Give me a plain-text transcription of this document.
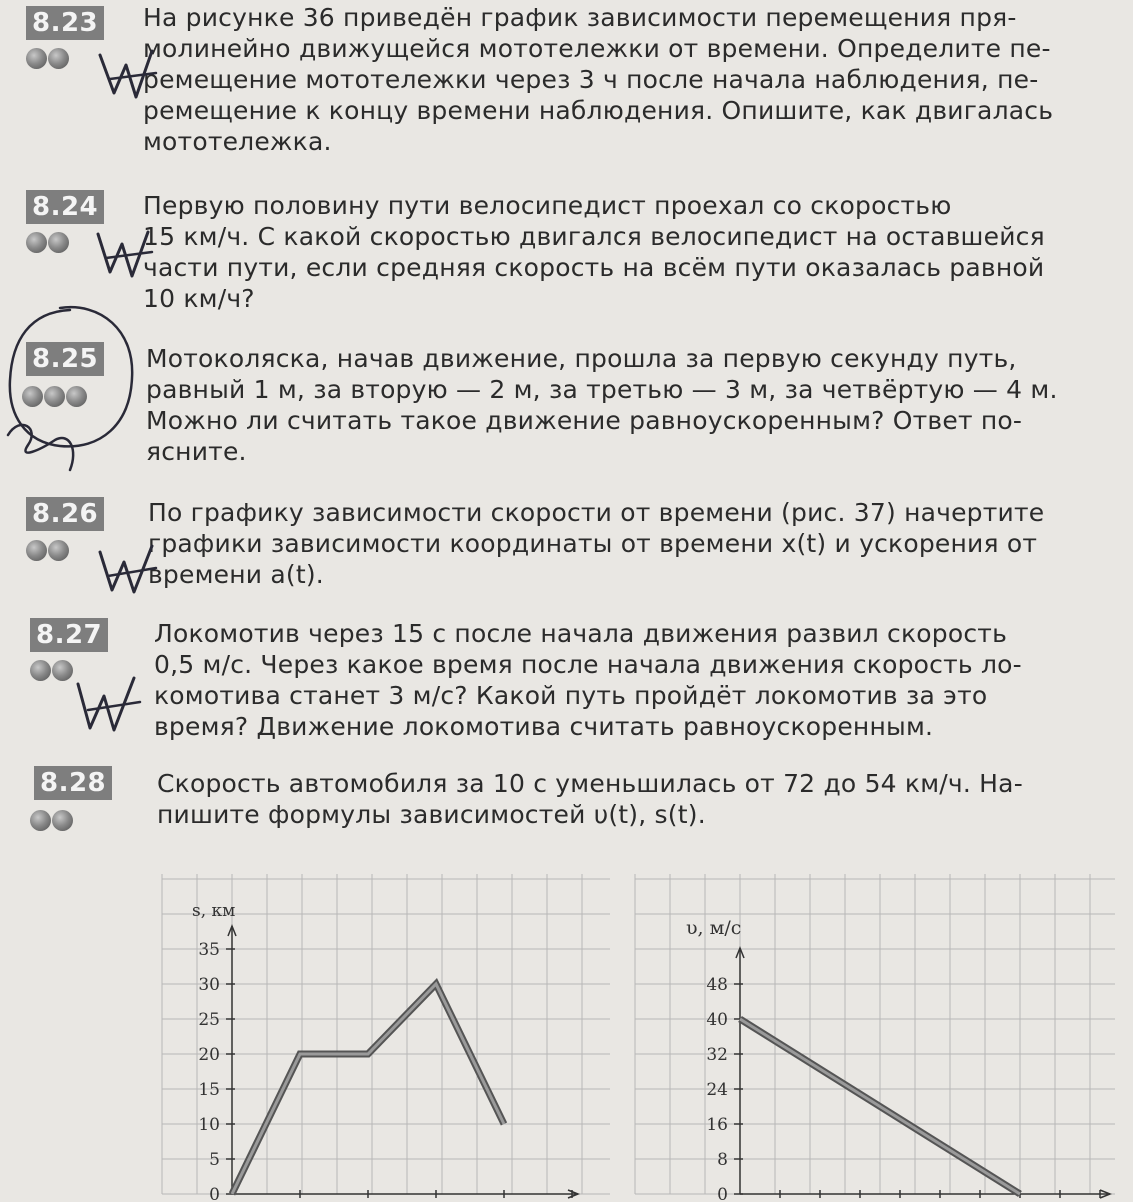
8.23 На рисунке 36 приведён график зависимости перемещения пря-
молинейно движущейся мототележки от времени. Определите пе-
ремещение мототележки через 3 ч после начала наблюдения, пе-
ремещение к концу времени наблюдения. Опишите, как двигалась
мототележка.
8.24 Первую половину пути велосипедист проехал со скоростью
15 км/ч. С какой скоростью двигался велосипедист на оставшейся
части пути, если средняя скорость на всём пути оказалась равной
10 км/ч?
8.25 Мотоколяска, начав движение, прошла за первую секунду путь,
равный 1 м, за вторую — 2 м, за третью — 3 м, за четвёртую — 4 м.
Можно ли считать такое движение равноускоренным? Ответ по-
ясните.
8.26 По графику зависимости скорости от времени (рис. 37) начертите
графики зависимости координаты от времени x(t) и ускорения от
времени a(t).
8.27 Локомотив через 15 с после начала движения развил скорость
0,5 м/с. Через какое время после начала движения скорость ло-
комотива станет 3 м/с? Какой путь пройдёт локомотив за это
время? Движение локомотива считать равноускоренным.
8.28 Скорость автомобиля за 10 с уменьшилась от 72 до 54 км/ч. На-
пишите формулы зависимостей υ(t), s(t).
s, км
0
5
10
15
20
25
30
35
υ, м/с
0
8
16
24
32
40
48
